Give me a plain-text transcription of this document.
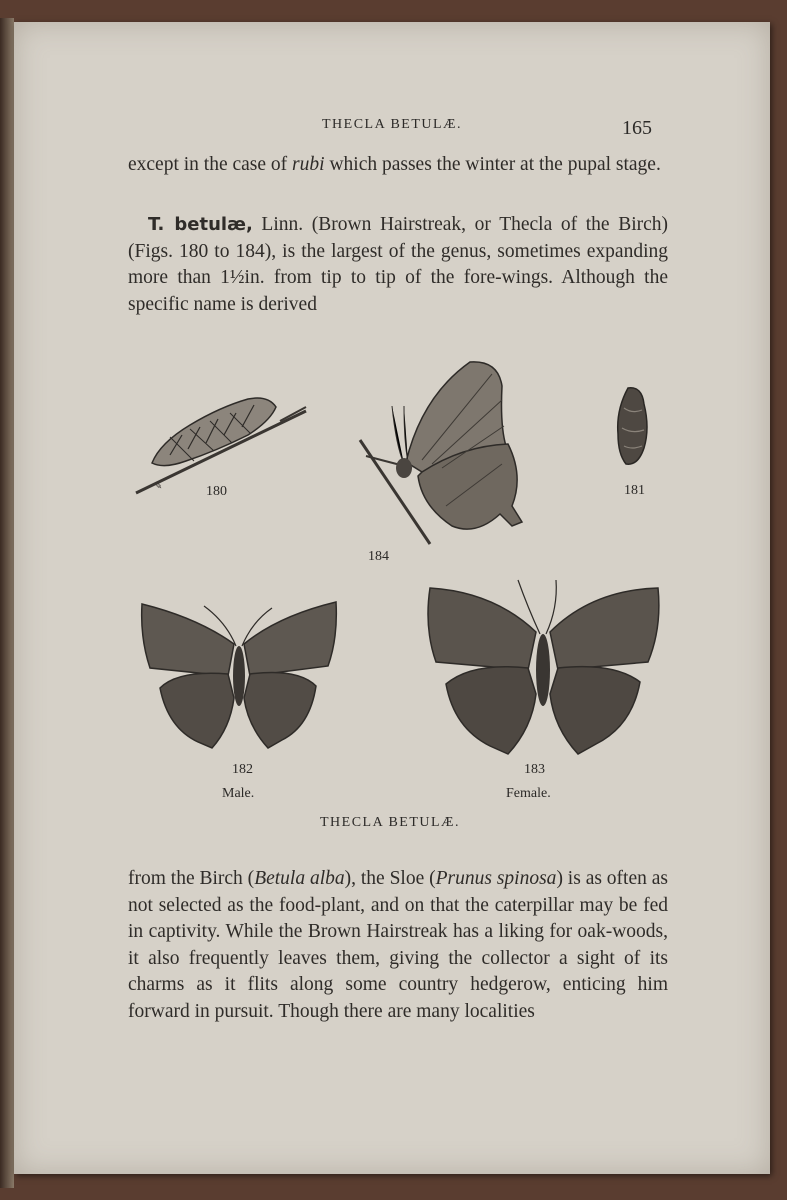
THECLA BETULÆ.	165
except in the case of rubi which passes the winter at the pupal stage.
T. betulæ, Linn. (Brown Hairstreak, or Thecla of the Birch) (Figs. 180 to 184), is the largest of the genus, sometimes expanding more than 1½in. from tip to tip of the fore-wings. Although the specific name is derived
✎	180
184
181
182
Male.
183
Female.
THECLA BETULÆ.
from the Birch (Betula alba), the Sloe (Prunus spinosa) is as often as not selected as the food-plant, and on that the caterpillar may be fed in captivity. While the Brown Hairstreak has a liking for oak-woods, it also frequently leaves them, giving the collector a sight of its charms as it flits along some country hedgerow, enticing him forward in pursuit. Though there are many localities
